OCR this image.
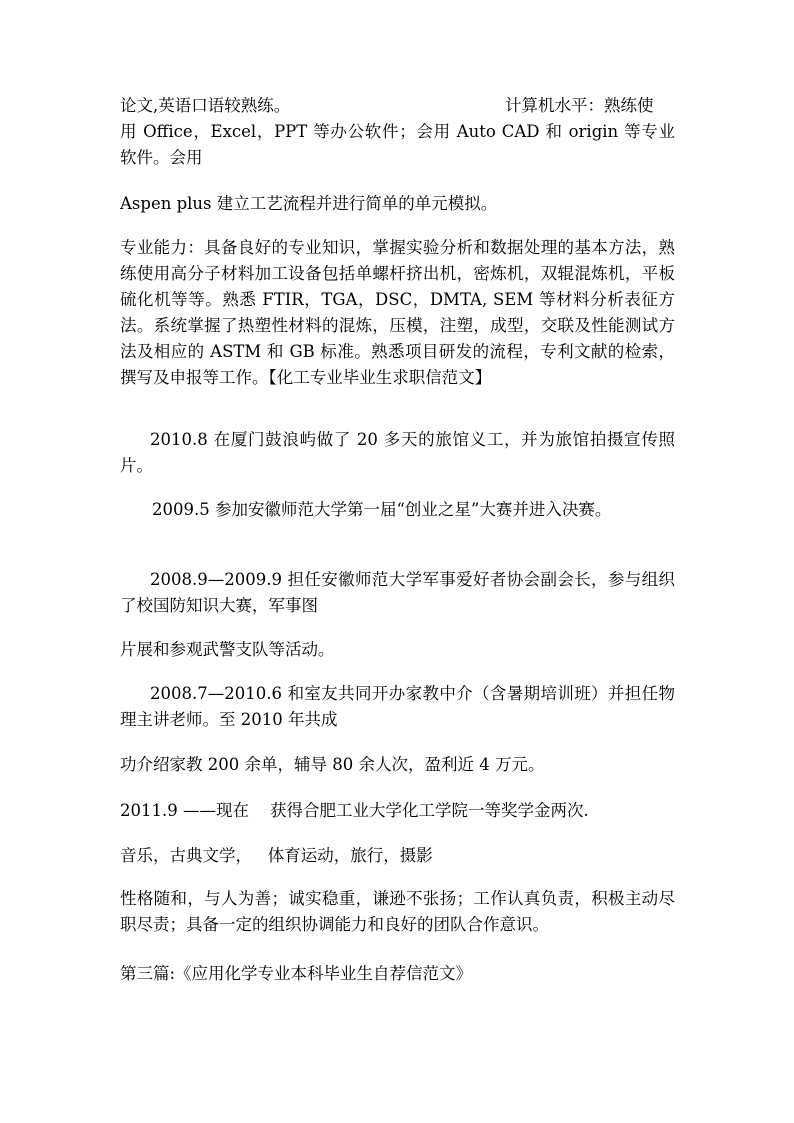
论文,英语口语较熟练。	计算机水平：熟练使

用 Office，Excel，PPT 等办公软件；会用 Auto CAD 和 origin 等专业软件。会用

Aspen plus 建立工艺流程并进行简单的单元模拟。

专业能力：具备良好的专业知识，掌握实验分析和数据处理的基本方法，熟练使用高分子材料加工设备包括单螺杆挤出机，密炼机，双辊混炼机，平板硫化机等等。熟悉 FTIR，TGA，DSC，DMTA, SEM 等材料分析表征方法。系统掌握了热塑性材料的混炼，压模，注塑，成型，交联及性能测试方法及相应的 ASTM 和 GB 标准。熟悉项目研发的流程，专利文献的检索，撰写及申报等工作。【化工专业毕业生求职信范文】

2010.8 在厦门鼓浪屿做了 20 多天的旅馆义工，并为旅馆拍摄宣传照片。

2009.5 参加安徽师范大学第一届“创业之星”大赛并进入决赛。

2008.9—2009.9 担任安徽师范大学军事爱好者协会副会长，参与组织了校国防知识大赛，军事图

片展和参观武警支队等活动。

2008.7—2010.6 和室友共同开办家教中介（含暑期培训班）并担任物理主讲老师。至 2010 年共成

功介绍家教 200 余单，辅导 80 余人次，盈利近 4 万元。

2011.9 ——现在    获得合肥工业大学化工学院一等奖学金两次.

音乐，古典文学，   体育运动，旅行，摄影

性格随和，与人为善；诚实稳重，谦逊不张扬；工作认真负责，积极主动尽职尽责；具备一定的组织协调能力和良好的团队合作意识。

第三篇:《应用化学专业本科毕业生自荐信范文》
